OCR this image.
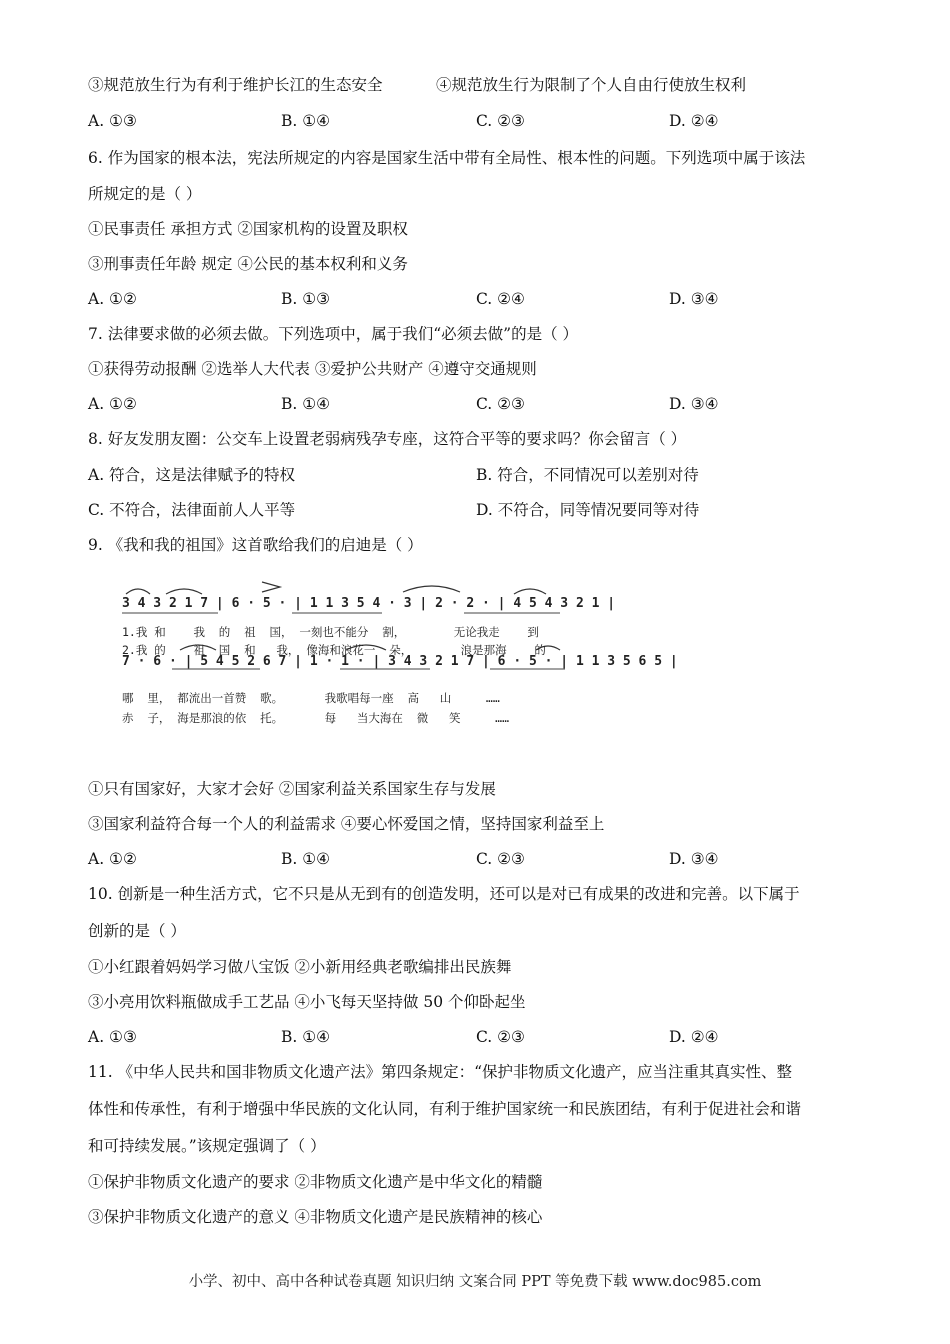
③规范放生行为有利于维护长江的生态安全	④规范放生行为限制了个人自由行使放生权利
A. ①③	B. ①④	C. ②③	D. ②④
6. 作为国家的根本法，宪法所规定的内容是国家生活中带有全局性、根本性的问题。下列选项中属于该法
所规定的是（ ）
①民事责任 承担方式 ②国家机构的设置及职权
③刑事责任年龄 规定 ④公民的基本权利和义务
A. ①②	B. ①③	C. ②④	D. ③④
7. 法律要求做的必须去做。下列选项中，属于我们“必须去做”的是（ ）
①获得劳动报酬 ②选举人大代表 ③爱护公共财产 ④遵守交通规则
A. ①②	B. ①④	C. ②③	D. ③④
8. 好友发朋友圈：公交车上设置老弱病残孕专座，这符合平等的要求吗？你会留言（ ）
A. 符合，这是法律赋予的特权	B. 符合，不同情况可以差别对待
C. 不符合，法律面前人人平等	D. 不符合，同等情况要同等对待
9. 《我和我的祖国》这首歌给我们的启迪是（ ）
3 4 3 2 1 7 | 6 · 5 · | 1 1 3 5 4 · 3 | 2 · 2 · | 4 5 4 3 2 1 |
1.我 和    我  的  祖  国， 一刻也不能分  割，       无论我走    到
2.我 的    祖  国  和   我， 像海和浪花一  朵，       浪是那海    的
7 · 6 · | 5 4 5 2 6 7 | 1 · 1 · | 3 4 3 2 1 7 | 6 · 5 · | 1 1 3 5 6 5 |
哪  里， 都流出一首赞  歌。      我歌唱每一座  高   山     ……
赤  子， 海是那浪的依  托。      每   当大海在  微   笑     ……
①只有国家好，大家才会好 ②国家利益关系国家生存与发展
③国家利益符合每一个人的利益需求 ④要心怀爱国之情，坚持国家利益至上
A. ①②	B. ①④	C. ②③	D. ③④
10. 创新是一种生活方式，它不只是从无到有的创造发明，还可以是对已有成果的改进和完善。以下属于
创新的是（ ）
①小红跟着妈妈学习做八宝饭 ②小新用经典老歌编排出民族舞
③小亮用饮料瓶做成手工艺品 ④小飞每天坚持做 50 个仰卧起坐
A. ①③	B. ①④	C. ②③	D. ②④
11. 《中华人民共和国非物质文化遗产法》第四条规定：“保护非物质文化遗产，应当注重其真实性、整
体性和传承性，有利于增强中华民族的文化认同，有利于维护国家统一和民族团结，有利于促进社会和谐
和可持续发展。”该规定强调了（ ）
①保护非物质文化遗产的要求 ②非物质文化遗产是中华文化的精髓
③保护非物质文化遗产的意义 ④非物质文化遗产是民族精神的核心
小学、初中、高中各种试卷真题 知识归纳 文案合同 PPT 等免费下载 www.doc985.com
